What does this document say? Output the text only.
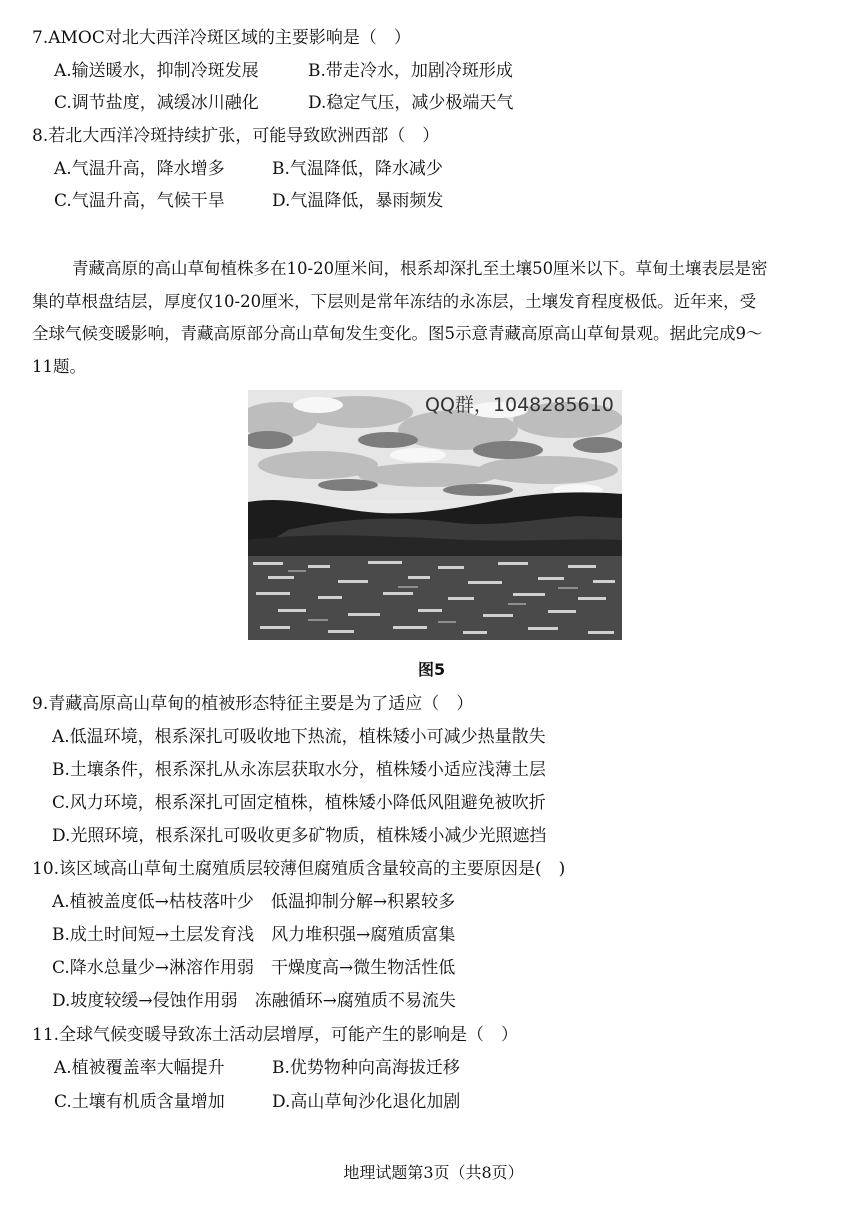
7.AMOC对北大西洋冷斑区域的主要影响是（　）
A.输送暖水，抑制冷斑发展	B.带走冷水，加剧冷斑形成
C.调节盐度，减缓冰川融化	D.稳定气压，减少极端天气
8.若北大西洋冷斑持续扩张，可能导致欧洲西部（　）
A.气温升高，降水增多	B.气温降低，降水减少
C.气温升高，气候干旱	D.气温降低，暴雨频发
青藏高原的高山草甸植株多在10-20厘米间，根系却深扎至土壤50厘米以下。草甸土壤表层是密
集的草根盘结层，厚度仅10-20厘米，下层则是常年冻结的永冻层，土壤发育程度极低。近年来，受
全球气候变暖影响，青藏高原部分高山草甸发生变化。图5示意青藏高原高山草甸景观。据此完成9～
11题。
QQ群，1048285610
图5
9.青藏高原高山草甸的植被形态特征主要是为了适应（　）
A.低温环境，根系深扎可吸收地下热流，植株矮小可减少热量散失
B.土壤条件，根系深扎从永冻层获取水分，植株矮小适应浅薄土层
C.风力环境，根系深扎可固定植株，植株矮小降低风阻避免被吹折
D.光照环境，根系深扎可吸收更多矿物质，植株矮小减少光照遮挡
10.该区域高山草甸土腐殖质层较薄但腐殖质含量较高的主要原因是(　)
A.植被盖度低→枯枝落叶少　低温抑制分解→积累较多
B.成土时间短→土层发育浅　风力堆积强→腐殖质富集
C.降水总量少→淋溶作用弱　干燥度高→微生物活性低
D.坡度较缓→侵蚀作用弱　冻融循环→腐殖质不易流失
11.全球气候变暖导致冻土活动层增厚，可能产生的影响是（　）
A.植被覆盖率大幅提升	B.优势物种向高海拔迁移
C.土壤有机质含量增加	D.高山草甸沙化退化加剧
地理试题第3页（共8页）
